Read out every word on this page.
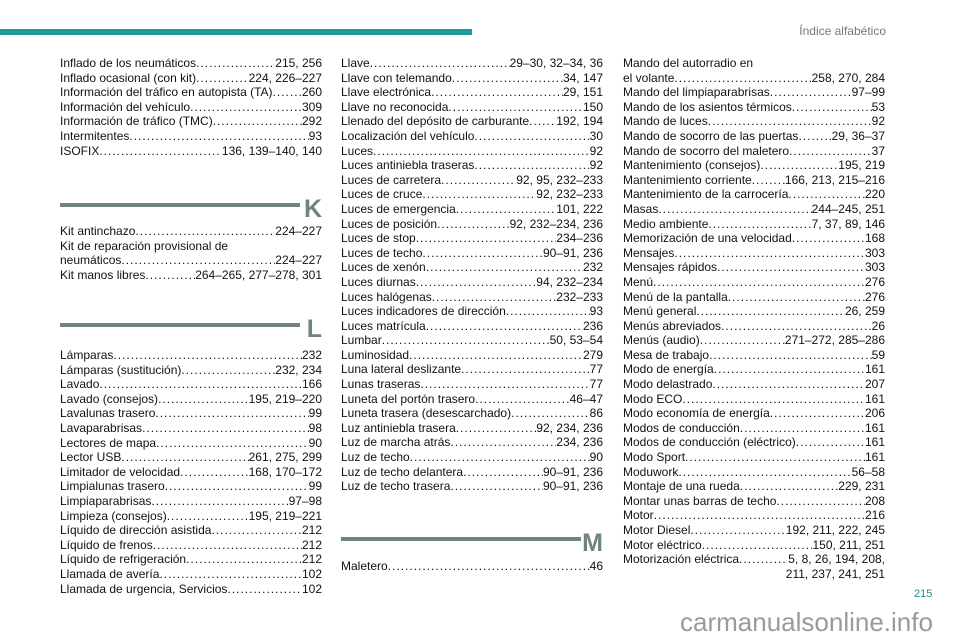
Índice alfabético
Inflado de los neumáticos .....	215, 256
Inflado ocasional (con kit) .....	224, 226–227
Información del tráfico en autopista (TA) ..... 260
Información del vehículo .....	309
Información de tráfico (TMC) .....	292
Intermitentes .....	93
ISOFIX .....	136, 139–140, 140
K
Kit antinchazo .....	224–227
Kit de reparación provisional de
neumáticos .....	224–227
Kit manos libres .....	264–265, 277–278, 301
L
Lámparas .....	232
Lámparas (sustitución) .....	232, 234
Lavado .....	166
Lavado (consejos) .....	195, 219–220
Lavalunas trasero .....	99
Lavaparabrisas .....	98
Lectores de mapa .....	90
Lector USB .....	261, 275, 299
Limitador de velocidad .....	168, 170–172
Limpialunas trasero .....	99
Limpiaparabrisas .....	97–98
Limpieza (consejos) .....	195, 219–221
Líquido de dirección asistida .....	212
Líquido de frenos .....	212
Líquido de refrigeración .....	212
Llamada de avería .....	102
Llamada de urgencia, Servicios .....	102
Llave .....	29–30, 32–34, 36
Llave con telemando .....	34, 147
Llave electrónica .....	29, 151
Llave no reconocida .....	150
Llenado del depósito de carburante ..... 192, 194
Localización del vehículo .....	30
Luces .....	92
Luces antiniebla traseras .....	92
Luces de carretera .....	92, 95, 232–233
Luces de cruce .....	92, 232–233
Luces de emergencia .....	101, 222
Luces de posición .....	92, 232–234, 236
Luces de stop .....	234–236
Luces de techo .....	90–91, 236
Luces de xenón .....	232
Luces diurnas .....	94, 232–234
Luces halógenas .....	232–233
Luces indicadores de dirección .....	93
Luces matrícula .....	236
Lumbar .....	50, 53–54
Luminosidad .....	279
Luna lateral deslizante .....	77
Lunas traseras .....	77
Luneta del portón trasero .....	46–47
Luneta trasera (desescarchado) .....	86
Luz antiniebla trasera .....	92, 234, 236
Luz de marcha atrás .....	234, 236
Luz de techo .....	90
Luz de techo delantera .....	90–91, 236
Luz de techo trasera .....	90–91, 236
M
Maletero .....	46
Mando del autorradio en
el volante .....	258, 270, 284
Mando del limpiaparabrisas .....	97–99
Mando de los asientos térmicos .....	53
Mando de luces .....	92
Mando de socorro de las puertas .....	29, 36–37
Mando de socorro del maletero .....	37
Mantenimiento (consejos) .....	195, 219
Mantenimiento corriente .....	166, 213, 215–216
Mantenimiento de la carrocería .....	220
Masas .....	244–245, 251
Medio ambiente .....	7, 37, 89, 146
Memorización de una velocidad .....	168
Mensajes .....	303
Mensajes rápidos .....	303
Menú .....	276
Menú de la pantalla .....	276
Menú general .....	26, 259
Menús abreviados .....	26
Menús (audio) .....	271–272, 285–286
Mesa de trabajo .....	59
Modo de energía .....	161
Modo delastrado .....	207
Modo ECO .....	161
Modo economía de energía .....	206
Modos de conducción .....	161
Modos de conducción (eléctrico) .....	161
Modo Sport .....	161
Moduwork .....	56–58
Montaje de una rueda .....	229, 231
Montar unas barras de techo .....	208
Motor .....	216
Motor Diesel .....	192, 211, 222, 245
Motor eléctrico .....	150, 211, 251
Motorización eléctrica .....	5, 8, 26, 194, 208,
211, 237, 241, 251
carmanualsonline.info
215
